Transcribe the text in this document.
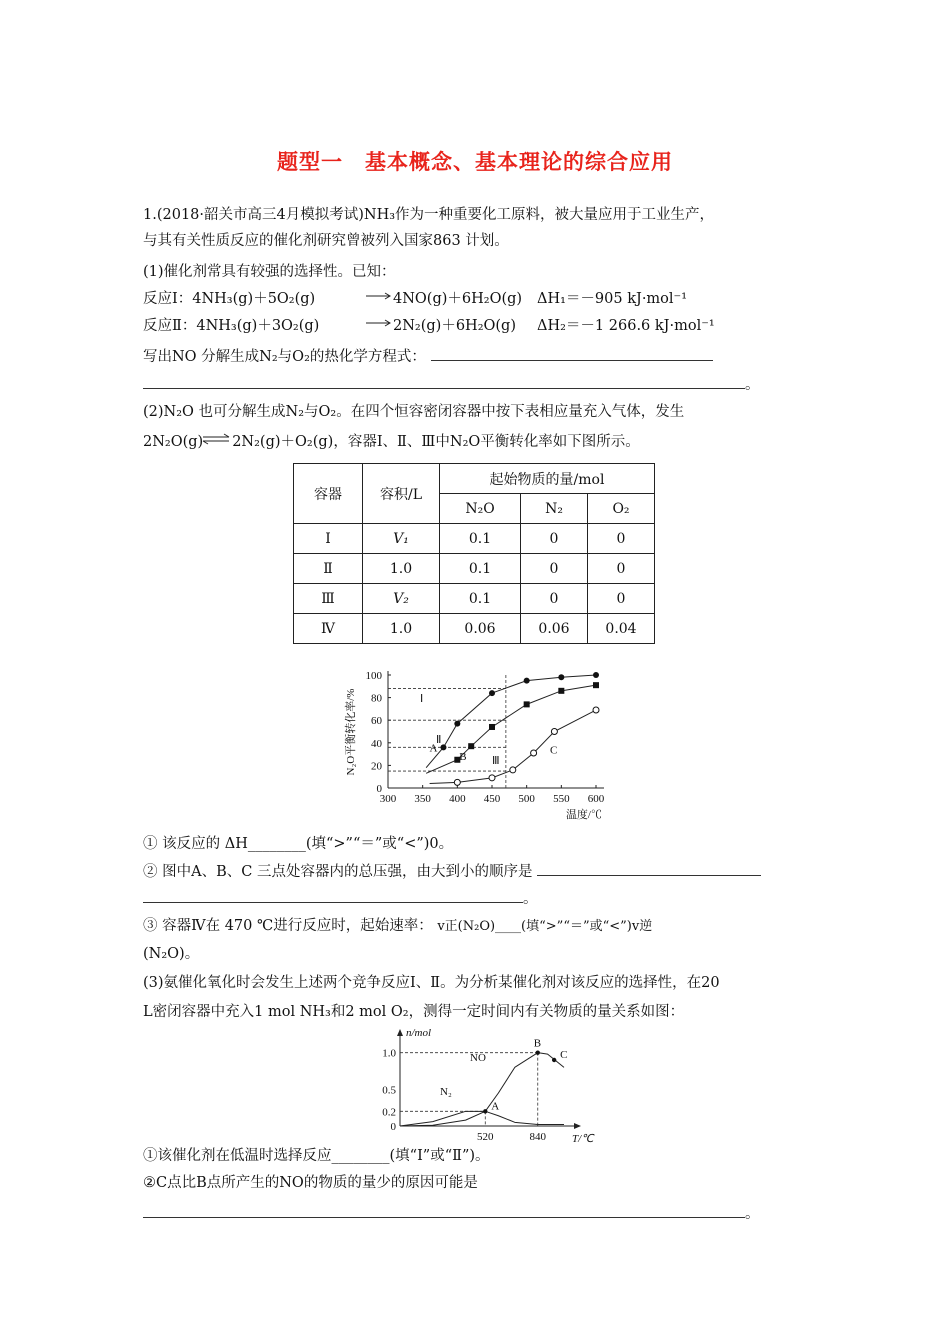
题型一　基本概念、基本理论的综合应用
1.(2018·韶关市高三4月模拟考试)NH₃作为一种重要化工原料，被大量应用于工业生产，
与其有关性质反应的催化剂研究曾被列入国家863 计划。
(1)催化剂常具有较强的选择性。已知：
反应Ⅰ：4NH₃(g)＋5O₂(g)	4NO(g)＋6H₂O(g) ΔH₁＝－905 kJ·mol⁻¹
反应Ⅱ：4NH₃(g)＋3O₂(g)	2N₂(g)＋6H₂O(g) ΔH₂＝－1 266.6 kJ·mol⁻¹
写出NO 分解生成N₂与O₂的热化学方程式：
。
(2)N₂O 也可分解生成N₂与O₂。在四个恒容密闭容器中按下表相应量充入气体，发生
2N₂O(g)　　2N₂(g)＋O₂(g)，容器Ⅰ、Ⅱ、Ⅲ中N₂O平衡转化率如下图所示。
容器	容积/L	起始物质的量/mol		
		N₂O	N₂	O₂
Ⅰ	V₁	0.1	0	0
Ⅱ	1.0	0.1	0	0
Ⅲ	V₂	0.1	0	0
Ⅳ	1.0	0.06	0.06	0.04
300 350 400 450 500 550 600
0
20
40
60
80
100
温度/℃
N₂O平衡转化率/%	Ⅰ
Ⅱ
Ⅲ
A
B
C
① 该反应的 ΔH________(填“>”“＝”或“<”)0。
② 图中A、B、C 三点处容器内的总压强，由大到小的顺序是
。
③ 容器Ⅳ在 470 ℃进行反应时，起始速率： v正(N₂O)____(填“>”“＝”或“<”)v逆
(N₂O)。
(3)氨催化氧化时会发生上述两个竞争反应Ⅰ、Ⅱ。为分析某催化剂对该反应的选择性，在20
L密闭容器中充入1 mol NH₃和2 mol O₂，测得一定时间内有关物质的量关系如图：
0
0.2
0.5
1.0
520	840 T/℃
n/mol
N₂
NO
A
B
C
①该催化剂在低温时选择反应________(填“Ⅰ”或“Ⅱ”)。
②C点比B点所产生的NO的物质的量少的原因可能是
。
